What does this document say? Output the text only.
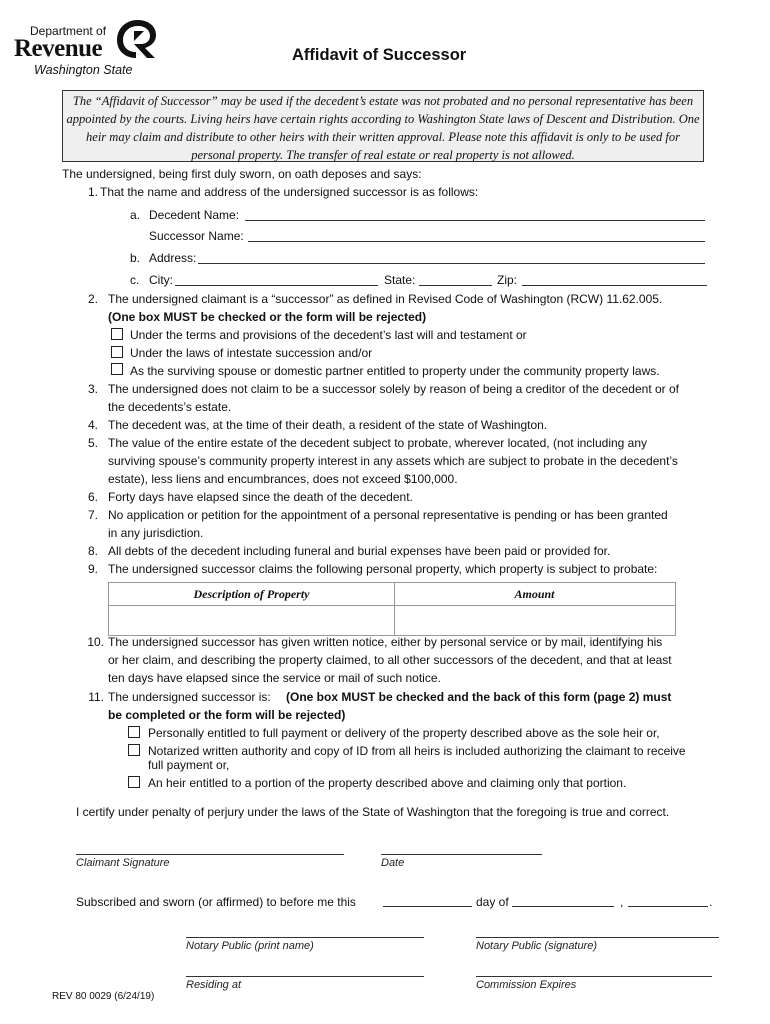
Department of
Revenue
Washington State
Affidavit of Successor
The “Affidavit of Successor” may be used if the decedent’s estate was not probated and no personal representative has been appointed by the courts. Living heirs have certain rights according to Washington State laws of Descent and Distribution. One heir may claim and distribute to other heirs with their written approval. Please note this affidavit is only to be used for personal property. The transfer of real estate or real property is not allowed.
The undersigned, being first duly sworn, on oath deposes and says:
1. That the name and address of the undersigned successor is as follows:
a. Decedent Name:
Successor Name:
b. Address:
c. City:	State:	Zip:
2. The undersigned claimant is a “successor” as defined in Revised Code of Washington (RCW) 11.62.005.
(One box MUST be checked or the form will be rejected)
Under the terms and provisions of the decedent’s last will and testament or
Under the laws of intestate succession and/or
As the surviving spouse or domestic partner entitled to property under the community property laws.
3. The undersigned does not claim to be a successor solely by reason of being a creditor of the decedent or of
the decedents’s estate.
4. The decedent was, at the time of their death, a resident of the state of Washington.
5. The value of the entire estate of the decedent subject to probate, wherever located, (not including any
surviving spouse’s community property interest in any assets which are subject to probate in the decedent’s
estate), less liens and encumbrances, does not exceed $100,000.
6. Forty days have elapsed since the death of the decedent.
7. No application or petition for the appointment of a personal representative is pending or has been granted
in any jurisdiction.
8. All debts of the decedent including funeral and burial expenses have been paid or provided for.
9. The undersigned successor claims the following personal property, which property is subject to probate:
Description of Property	Amount
10. The undersigned successor has given written notice, either by personal service or by mail, identifying his
or her claim, and describing the property claimed, to all other successors of the decedent, and that at least
ten days have elapsed since the service or mail of such notice.
11. The undersigned successor is: (One box MUST be checked and the back of this form (page 2) must
be completed or the form will be rejected)
Personally entitled to full payment or delivery of the property described above as the sole heir or,
Notarized written authority and copy of ID from all heirs is included authorizing the claimant to receive
full payment or,
An heir entitled to a portion of the property described above and claiming only that portion.
I certify under penalty of perjury under the laws of the State of Washington that the foregoing is true and correct.
Claimant Signature	Date
Subscribed and sworn (or affirmed) to before me this	day of	,	.
Notary Public (print name)	Notary Public (signature)
Residing at	Commission Expires
REV 80 0029 (6/24/19)
